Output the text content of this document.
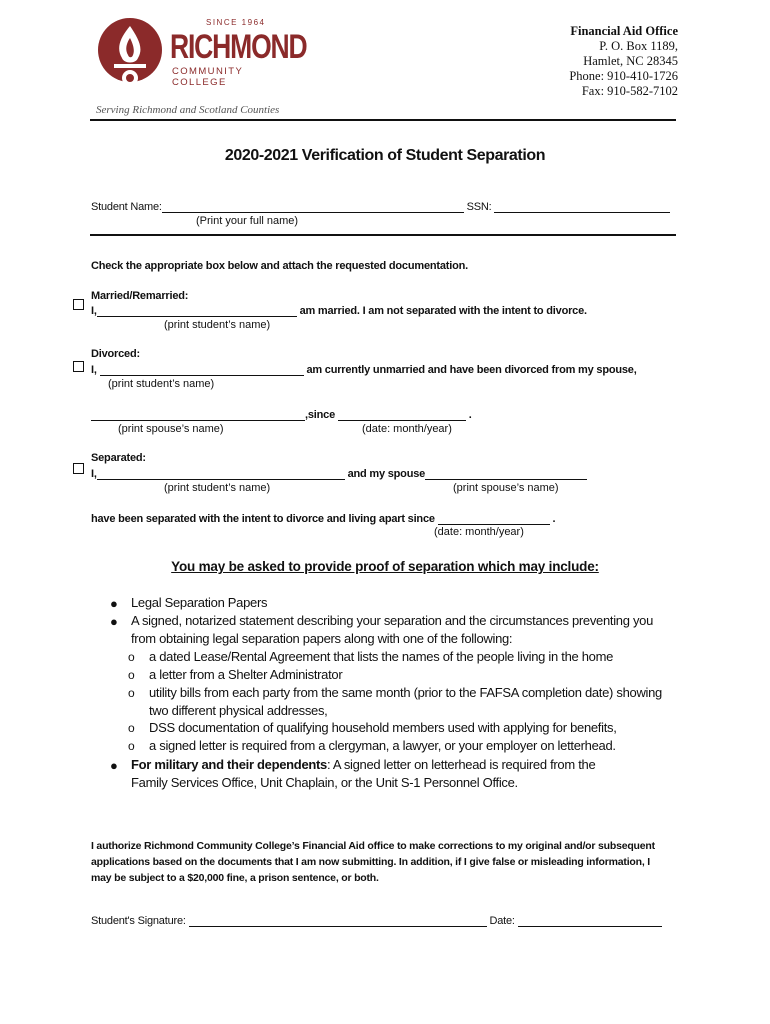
SINCE 1964
RICHMOND
COMMUNITY COLLEGE
Serving Richmond and Scotland Counties
Financial Aid Office
P. O. Box 1189,
Hamlet, NC 28345
Phone: 910-410-1726
Fax: 910-582-7102
2020-2021 Verification of Student Separation
Student Name:	SSN:
(Print your full name)
Check the appropriate box below and attach the requested documentation.
Married/Remarried:
I,	am married. I am not separated with the intent to divorce.
(print student’s name)
Divorced:
I,	am currently unmarried and have been divorced from my spouse,
(print student’s name)
,since	.
(print spouse’s name)	(date: month/year)
Separated:
I,	and my spouse
(print student’s name)	(print spouse’s name)
have been separated with the intent to divorce and living apart since	.
(date: month/year)
You may be asked to provide proof of separation which may include:
● Legal Separation Papers
● A signed, notarized statement describing your separation and the circumstances preventing you
from obtaining legal separation papers along with one of the following:
o a dated Lease/Rental Agreement that lists the names of the people living in the home
o a letter from a Shelter Administrator
o utility bills from each party from the same month (prior to the FAFSA completion date) showing
two different physical addresses,
o DSS documentation of qualifying household members used with applying for benefits,
o a signed letter is required from a clergyman, a lawyer, or your employer on letterhead.
● For military and their dependents: A signed letter on letterhead is required from the
Family Services Office, Unit Chaplain, or the Unit S-1 Personnel Office.
I authorize Richmond Community College’s Financial Aid office to make corrections to my original and/or subsequent
applications based on the documents that I am now submitting. In addition, if I give false or misleading information, I
may be subject to a $20,000 fine, a prison sentence, or both.
Student's Signature:	Date:
